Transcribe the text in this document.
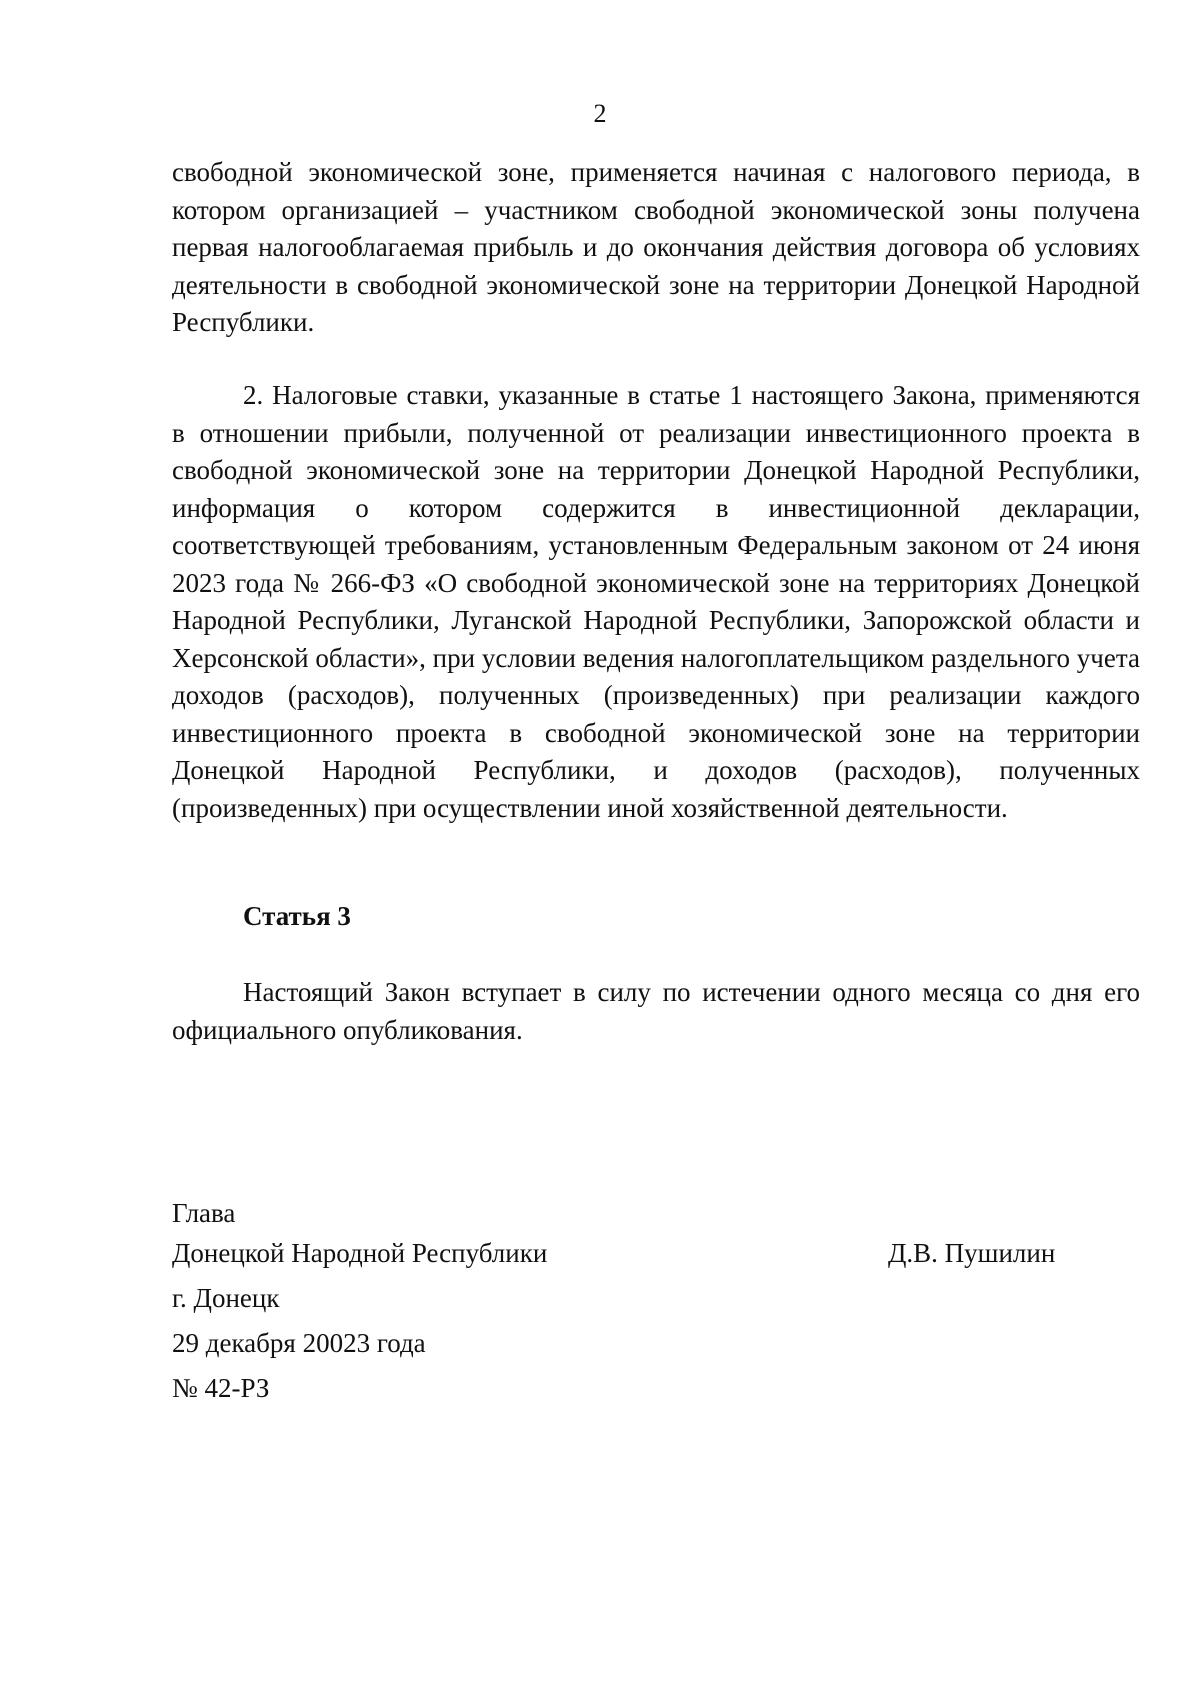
2

свободной экономической зоне, применяется начиная с налогового периода, в котором организацией – участником свободной экономической зоны получена первая налогооблагаемая прибыль и до окончания действия договора об условиях деятельности в свободной экономической зоне на территории Донецкой Народной Республики.

2. Налоговые ставки, указанные в статье 1 настоящего Закона, применяются в отношении прибыли, полученной от реализации инвестиционного проекта в свободной экономической зоне на территории Донецкой Народной Республики, информация о котором содержится в инвестиционной декларации, соответствующей требованиям, установленным Федеральным законом от 24 июня 2023 года № 266-ФЗ «О свободной экономической зоне на территориях Донецкой Народной Республики, Луганской Народной Республики, Запорожской области и Херсонской области», при условии ведения налогоплательщиком раздельного учета доходов (расходов), полученных (произведенных) при реализации каждого инвестиционного проекта в свободной экономической зоне на территории Донецкой Народной Республики, и доходов (расходов), полученных (произведенных) при осуществлении иной хозяйственной деятельности.

Статья 3

Настоящий Закон вступает в силу по истечении одного месяца со дня его официального опубликования.

Глава
Донецкой Народной Республики	Д.В. Пушилин
г. Донецк
29 декабря 20023 года
№ 42-РЗ
